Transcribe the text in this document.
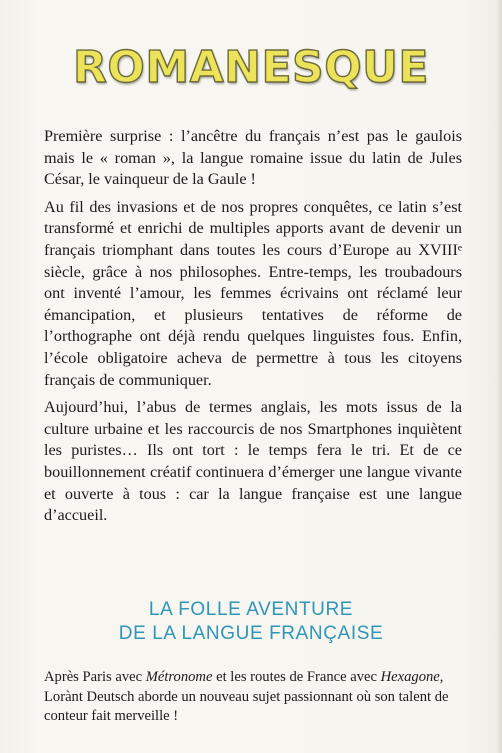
ROMANESQUE

Première surprise : l’ancêtre du français n’est pas le gaulois mais le « roman », la langue romaine issue du latin de Jules César, le vainqueur de la Gaule !

Au fil des invasions et de nos propres conquêtes, ce latin s’est transformé et enrichi de multiples apports avant de devenir un français triomphant dans toutes les cours d’Europe au XVIIIᵉ siècle, grâce à nos philosophes. Entre-temps, les troubadours ont inventé l’amour, les femmes écrivains ont réclamé leur émancipation, et plusieurs tentatives de réforme de l’orthographe ont déjà rendu quelques linguistes fous. Enfin, l’école obligatoire acheva de permettre à tous les citoyens français de communiquer.

Aujourd’hui, l’abus de termes anglais, les mots issus de la culture urbaine et les raccourcis de nos Smartphones inquiètent les puristes… Ils ont tort : le temps fera le tri. Et de ce bouillonnement créatif continuera d’émerger une langue vivante et ouverte à tous : car la langue française est une langue d’accueil.

LA FOLLE AVENTURE
DE LA LANGUE FRANÇAISE

Après Paris avec Métronome et les routes de France avec Hexagone, Lorànt Deutsch aborde un nouveau sujet passionnant où son talent de conteur fait merveille !
